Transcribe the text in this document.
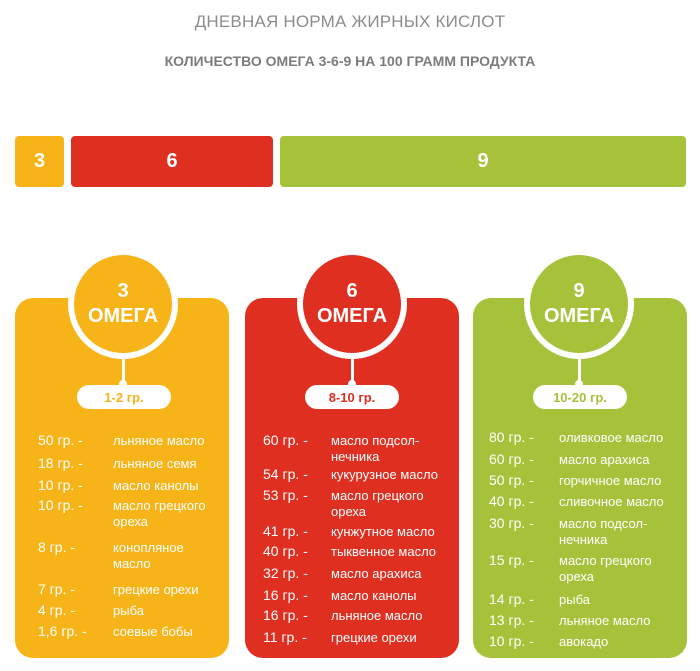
ДНЕВНАЯ НОРМА ЖИРНЫХ КИСЛОТ
КОЛИЧЕСТВО ОМЕГА 3-6-9 НА 100 ГРАММ ПРОДУКТА
3	6	9
3
ОМЕГА
1-2 гр.
50 гр. - льняное масло
18 гр. - льняное семя
10 гр. - масло канолы
10 гр. - масло грецкого
ореха
8 гр. -	конопляное
масло
7 гр. -	грецкие орехи
4 гр. -	рыба
1,6 гр. - соевые бобы
6
ОМЕГА
8-10 гр.
60 гр. - масло подсол-
нечника
54 гр. - кукурузное масло
53 гр. - масло грецкого
ореха
41 гр. - кунжутное масло
40 гр. - тыквенное масло
32 гр. - масло арахиса
16 гр. - масло канолы
16 гр. - льняное масло
11 гр. - грецкие орехи
9
ОМЕГА
10-20 гр.
80 гр. - оливковое масло
60 гр. - масло арахиса
50 гр. - горчичное масло
40 гр. - сливочное масло
30 гр. - масло подсол-
нечника
15 гр. - масло грецкого
ореха
14 гр. - рыба
13 гр. - льняное масло
10 гр. - авокадо
